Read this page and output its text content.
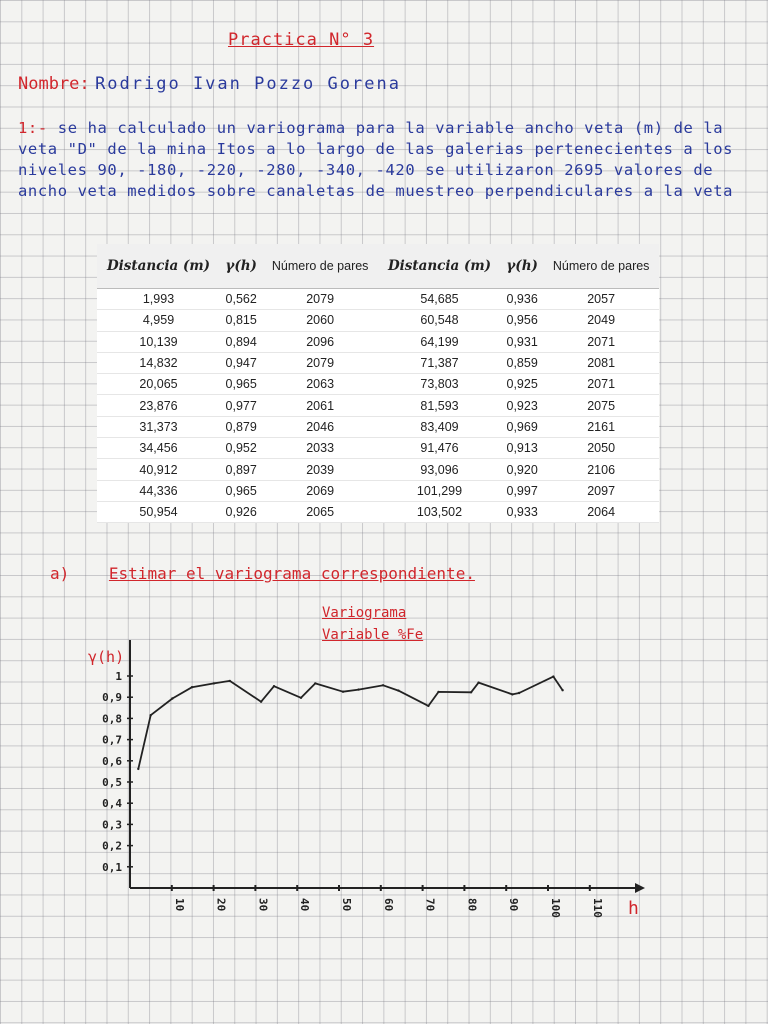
Practica N° 3
Nombre: Rodrigo Ivan Pozzo Gorena
1:- se ha calculado un variograma para la variable ancho veta (m) de la veta "D" de la mina Itos a lo largo de las galerias pertenecientes a los niveles 90, -180, -220, -280, -340, -420 se utilizaron 2695 valores de ancho veta medidos sobre canaletas de muestreo perpendiculares a la veta
Distancia (m)	γ(h)	Número de pares	Distancia (m)	γ(h)	Número de pares
1,993	0,562	2079	54,685	0,936	2057
4,959	0,815	2060	60,548	0,956	2049
10,139	0,894	2096	64,199	0,931	2071
14,832	0,947	2079	71,387	0,859	2081
20,065	0,965	2063	73,803	0,925	2071
23,876	0,977	2061	81,593	0,923	2075
31,373	0,879	2046	83,409	0,969	2161
34,456	0,952	2033	91,476	0,913	2050
40,912	0,897	2039	93,096	0,920	2106
44,336	0,965	2069	101,299	0,997	2097
50,954	0,926	2065	103,502	0,933	2064
a) Estimar el variograma correspondiente.
Variograma
Variable %Fe
γ(h)
h
0,1
0,2
0,3
0,4
0,5
0,6
0,7
0,8
0,9
1
10	20	30	40	50	60	70	80	90	100	110
